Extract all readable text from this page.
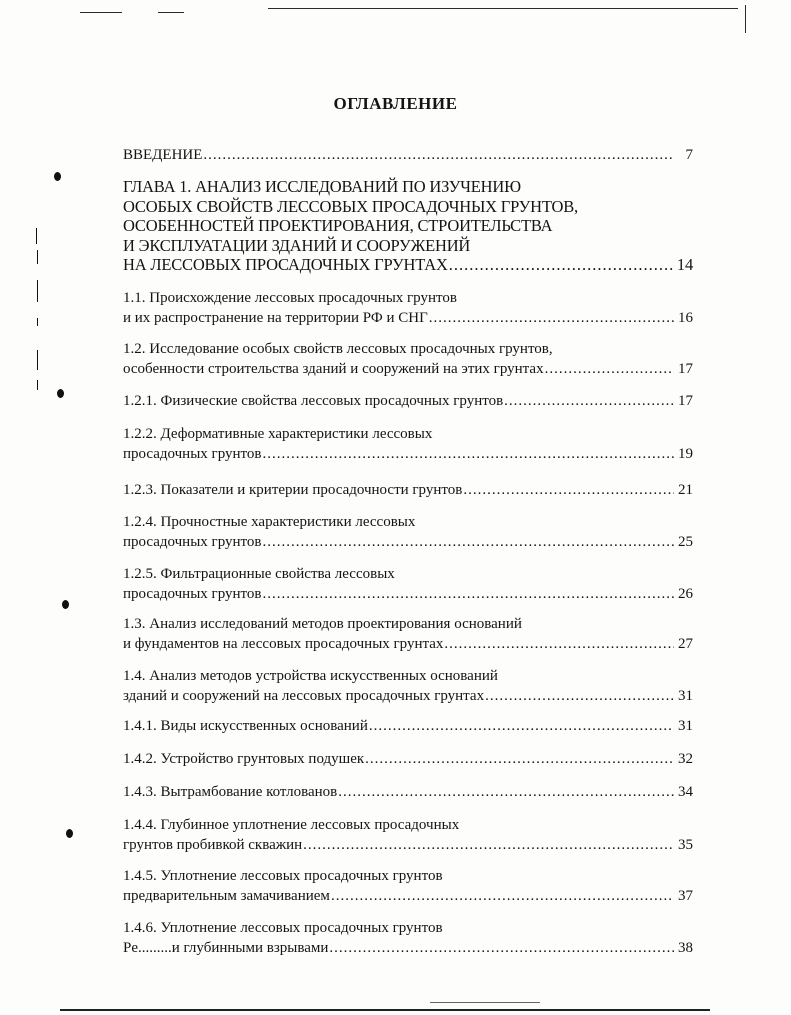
ОГЛАВЛЕНИЕ
ВВЕДЕНИЕ .....	7
ГЛАВА 1. АНАЛИЗ ИССЛЕДОВАНИЙ ПО ИЗУЧЕНИЮ
ОСОБЫХ СВОЙСТВ ЛЕССОВЫХ ПРОСАДОЧНЫХ ГРУНТОВ,
ОСОБЕННОСТЕЙ ПРОЕКТИРОВАНИЯ, СТРОИТЕЛЬСТВА
И ЭКСПЛУАТАЦИИ ЗДАНИЙ И СООРУЖЕНИЙ
НА ЛЕССОВЫХ ПРОСАДОЧНЫХ ГРУНТАХ .....	14
1.1. Происхождение лессовых просадочных грунтов
и их распространение на территории РФ и СНГ .....	16
1.2. Исследование особых свойств лессовых просадочных грунтов,
особенности строительства зданий и сооружений на этих грунтах .....	17
1.2.1. Физические свойства лессовых просадочных грунтов .....	17
1.2.2. Деформативные характеристики лессовых
просадочных грунтов .....	19
1.2.3. Показатели и критерии просадочности грунтов .....	21
1.2.4. Прочностные характеристики лессовых
просадочных грунтов .....	25
1.2.5. Фильтрационные свойства лессовых
просадочных грунтов .....	26
1.3. Анализ исследований методов проектирования оснований
и фундаментов на лессовых просадочных грунтах .....	27
1.4. Анализ методов устройства искусственных оснований
зданий и сооружений на лессовых просадочных грунтах .....	31
1.4.1. Виды искусственных оснований .....	31
1.4.2. Устройство грунтовых подушек .....	32
1.4.3. Вытрамбование котлованов .....	34
1.4.4. Глубинное уплотнение лессовых просадочных
грунтов пробивкой скважин .....	35
1.4.5. Уплотнение лессовых просадочных грунтов
предварительным замачиванием .....	37
1.4.6. Уплотнение лессовых просадочных грунтов
Pe.........и глубинными взрывами .....	38
